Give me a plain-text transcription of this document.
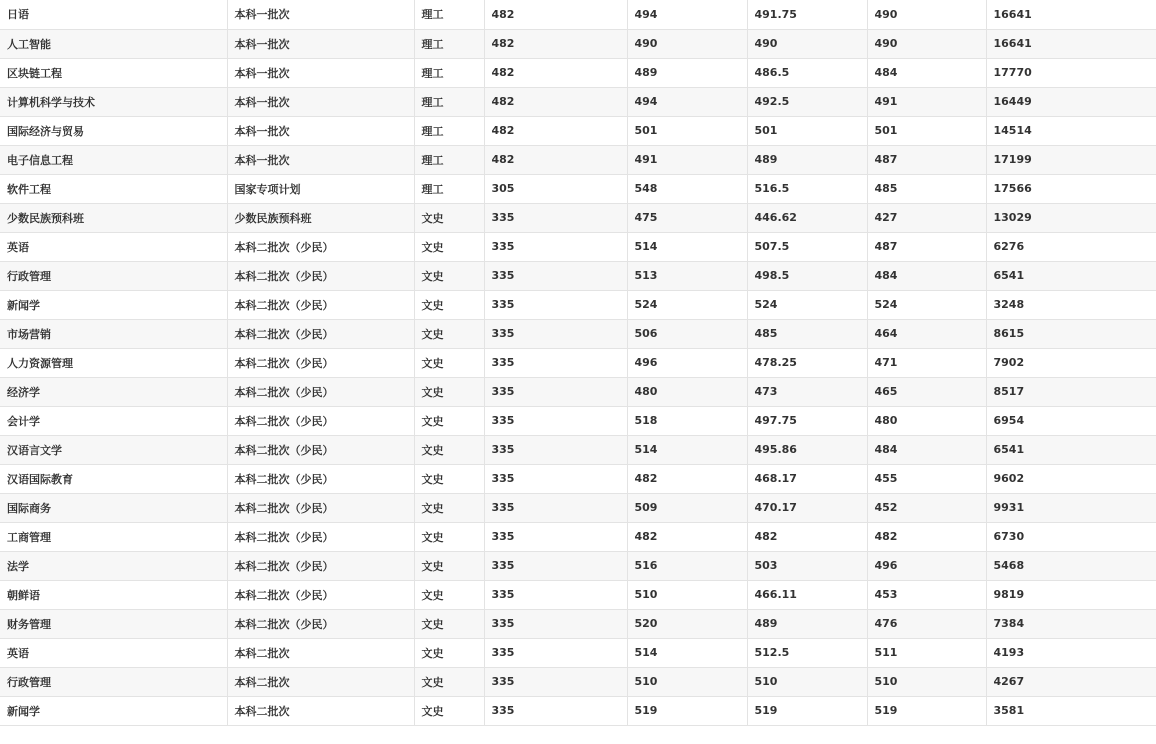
日语	本科一批次	理工	482	494	491.75	490	16641
人工智能	本科一批次	理工	482	490	490	490	16641
区块链工程	本科一批次	理工	482	489	486.5	484	17770
计算机科学与技术	本科一批次	理工	482	494	492.5	491	16449
国际经济与贸易	本科一批次	理工	482	501	501	501	14514
电子信息工程	本科一批次	理工	482	491	489	487	17199
软件工程	国家专项计划	理工	305	548	516.5	485	17566
少数民族预科班	少数民族预科班	文史	335	475	446.62	427	13029
英语	本科二批次（少民）	文史	335	514	507.5	487	6276
行政管理	本科二批次（少民）	文史	335	513	498.5	484	6541
新闻学	本科二批次（少民）	文史	335	524	524	524	3248
市场营销	本科二批次（少民）	文史	335	506	485	464	8615
人力资源管理	本科二批次（少民）	文史	335	496	478.25	471	7902
经济学	本科二批次（少民）	文史	335	480	473	465	8517
会计学	本科二批次（少民）	文史	335	518	497.75	480	6954
汉语言文学	本科二批次（少民）	文史	335	514	495.86	484	6541
汉语国际教育	本科二批次（少民）	文史	335	482	468.17	455	9602
国际商务	本科二批次（少民）	文史	335	509	470.17	452	9931
工商管理	本科二批次（少民）	文史	335	482	482	482	6730
法学	本科二批次（少民）	文史	335	516	503	496	5468
朝鲜语	本科二批次（少民）	文史	335	510	466.11	453	9819
财务管理	本科二批次（少民）	文史	335	520	489	476	7384
英语	本科二批次	文史	335	514	512.5	511	4193
行政管理	本科二批次	文史	335	510	510	510	4267
新闻学	本科二批次	文史	335	519	519	519	3581
